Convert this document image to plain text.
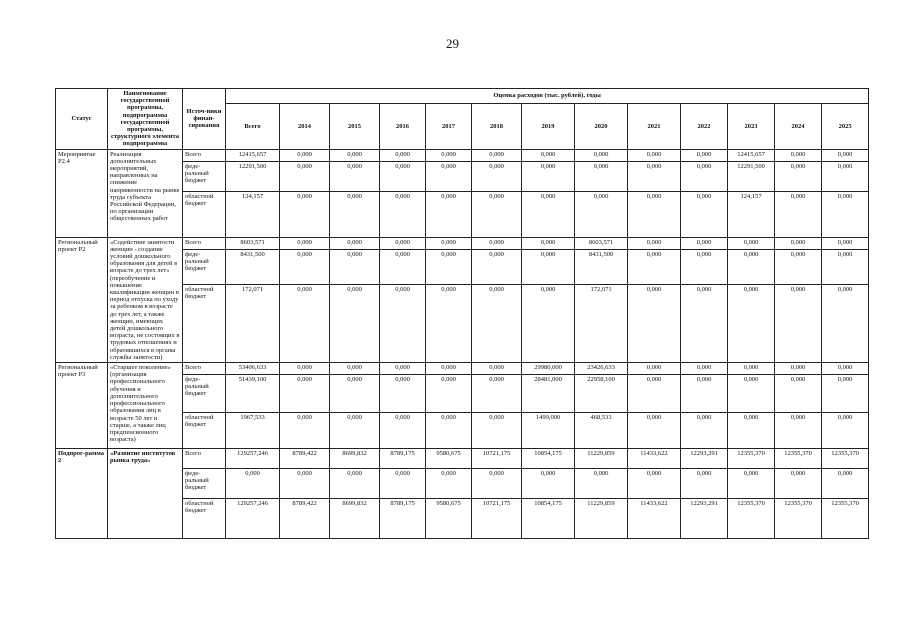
29
Статус	Наименование государственной программы, подпрограммы государственной программы, структурного элемента подпрограммы	Источ-ники финан-сирования	Оценка расходов (тыс. рублей), годы												
			Всего	2014	2015	2016	2017	2018	2019	2020	2021	2022	2023	2024	2025
Мероприятие Р2.4	Реализация дополнительных мероприятий, направленных на снижение напряженности на рынке труда субъекта Российской Федерации, по организации общественных работ	Всего	12415,657	0,000	0,000	0,000	0,000	0,000	0,000	0,000	0,000	0,000	12415,657	0,000	0,000
		феде-ральный бюджет	12291,500	0,000	0,000	0,000	0,000	0,000	0,000	0,000	0,000	0,000	12291,500	0,000	0,000
		областной бюджет	124,157	0,000	0,000	0,000	0,000	0,000	0,000	0,000	0,000	0,000	124,157	0,000	0,000
Региональный проект Р2	«Содействие занятости женщин - создание условий дошкольного образования для детей в возрасте до трех лет» (переобучение и повышение квалификации женщин в период отпуска по уходу за ребенком в возрасте до трех лет, а также женщин, имеющих детей дошкольного возраста, не состоящих в трудовых отношениях и обратившихся в органы службы занятости)	Всего	8603,571	0,000	0,000	0,000	0,000	0,000	0,000	8603,571	0,000	0,000	0,000	0,000	0,000
		феде-ральный бюджет	8431,500	0,000	0,000	0,000	0,000	0,000	0,000	8431,500	0,000	0,000	0,000	0,000	0,000
		областной бюджет	172,071	0,000	0,000	0,000	0,000	0,000	0,000	172,071	0,000	0,000	0,000	0,000	0,000
Региональный проект Р3	«Старшее поколение» (организация профессионального обучения и дополнительного профессионального образования лиц в возрасте 50 лет и старше, а также лиц предпенсионного возраста)	Всего	53406,633	0,000	0,000	0,000	0,000	0,000	29980,000	23426,633	0,000	0,000	0,000	0,000	0,000
		феде-ральный бюджет	51439,100	0,000	0,000	0,000	0,000	0,000	28481,000	22958,100	0,000	0,000	0,000	0,000	0,000
		областной бюджет	1967,533	0,000	0,000	0,000	0,000	0,000	1499,000	468,533	0,000	0,000	0,000	0,000	0,000
Подпрог-рамма 2	«Развитие институтов рынка труда»	Всего	129257,246	8789,422	8699,832	8789,175	9580,675	10721,175	10854,175	11229,859	11433,622	12293,291	12355,370	12355,370	12355,370
		феде-ральный бюджет	0,000	0,000	0,000	0,000	0,000	0,000	0,000	0,000	0,000	0,000	0,000	0,000	0,000
		областной бюджет	129257,246	8789,422	8699,832	8789,175	9580,675	10721,175	10854,175	11229,859	11433,622	12293,291	12355,370	12355,370	12355,370
